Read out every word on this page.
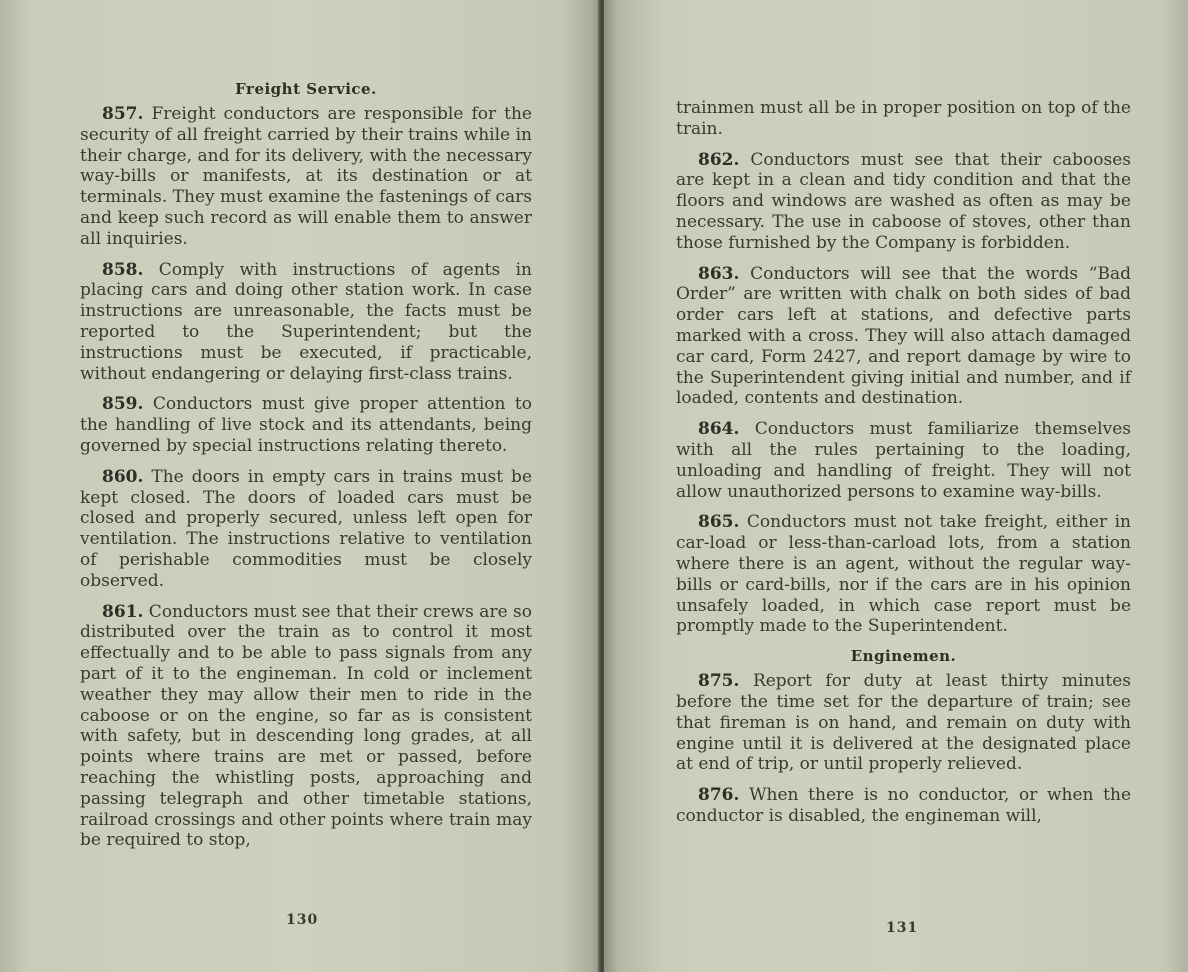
Freight Service.

857. Freight conductors are responsible for the security of all freight carried by their trains while in their charge, and for its delivery, with the necessary way-bills or manifests, at its destination or at terminals. They must examine the fastenings of cars and keep such record as will enable them to answer all inquiries.

858. Comply with instructions of agents in placing cars and doing other station work. In case instructions are unreasonable, the facts must be reported to the Superintendent; but the instructions must be executed, if practicable, without endangering or delaying first-class trains.

859. Conductors must give proper attention to the handling of live stock and its attendants, being governed by special instructions relating thereto.

860. The doors in empty cars in trains must be kept closed. The doors of loaded cars must be closed and properly secured, unless left open for ventilation. The instructions relative to ventilation of perishable commodities must be closely observed.

861. Conductors must see that their crews are so distributed over the train as to control it most effectually and to be able to pass signals from any part of it to the engineman. In cold or inclement weather they may allow their men to ride in the caboose or on the engine, so far as is consistent with safety, but in descending long grades, at all points where trains are met or passed, before reaching the whistling posts, approaching and passing telegraph and other timetable stations, railroad crossings and other points where train may be required to stop,

130

trainmen must all be in proper position on top of the train.

862. Conductors must see that their cabooses are kept in a clean and tidy condition and that the floors and windows are washed as often as may be necessary. The use in caboose of stoves, other than those furnished by the Company is forbidden.

863. Conductors will see that the words “Bad Order” are written with chalk on both sides of bad order cars left at stations, and defective parts marked with a cross. They will also attach damaged car card, Form 2427, and report damage by wire to the Superintendent giving initial and number, and if loaded, contents and destination.

864. Conductors must familiarize themselves with all the rules pertaining to the loading, unloading and handling of freight. They will not allow unauthorized persons to examine way-bills.

865. Conductors must not take freight, either in car-load or less-than-carload lots, from a station where there is an agent, without the regular way-bills or card-bills, nor if the cars are in his opinion unsafely loaded, in which case report must be promptly made to the Superintendent.

Enginemen.

875. Report for duty at least thirty minutes before the time set for the departure of train; see that fireman is on hand, and remain on duty with engine until it is delivered at the designated place at end of trip, or until properly relieved.

876. When there is no conductor, or when the conductor is disabled, the engineman will,

131
